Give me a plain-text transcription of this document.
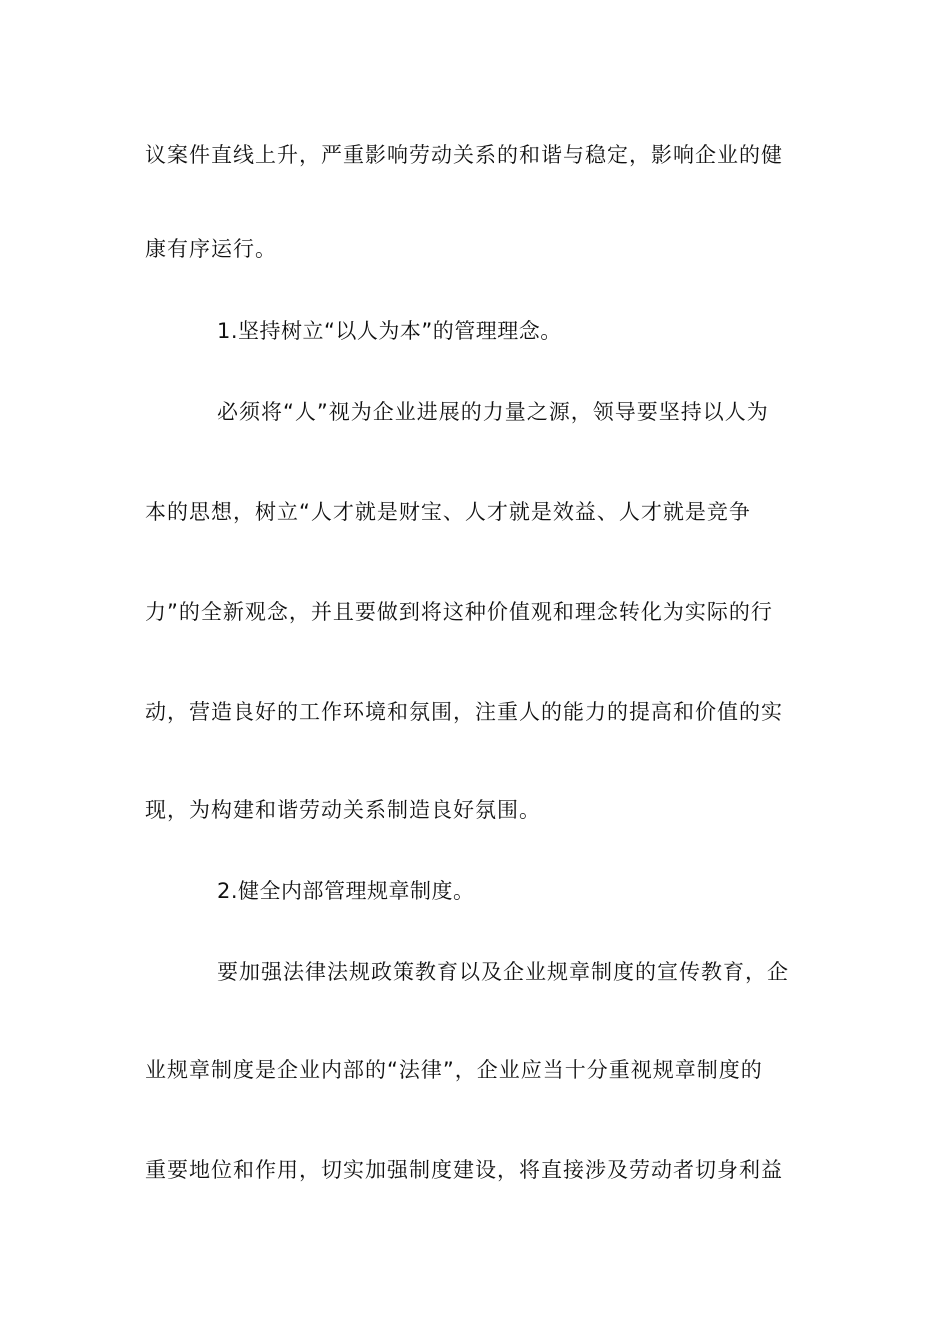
议案件直线上升，严重影响劳动关系的和谐与稳定，影响企业的健
康有序运行。
1.坚持树立“以人为本”的管理理念。
必须将“人”视为企业进展的力量之源，领导要坚持以人为
本的思想，树立“人才就是财宝、人才就是效益、人才就是竞争
力”的全新观念，并且要做到将这种价值观和理念转化为实际的行
动，营造良好的工作环境和氛围，注重人的能力的提高和价值的实
现，为构建和谐劳动关系制造良好氛围。
2.健全内部管理规章制度。
要加强法律法规政策教育以及企业规章制度的宣传教育，企
业规章制度是企业内部的“法律”，企业应当十分重视规章制度的
重要地位和作用，切实加强制度建设，将直接涉及劳动者切身利益
